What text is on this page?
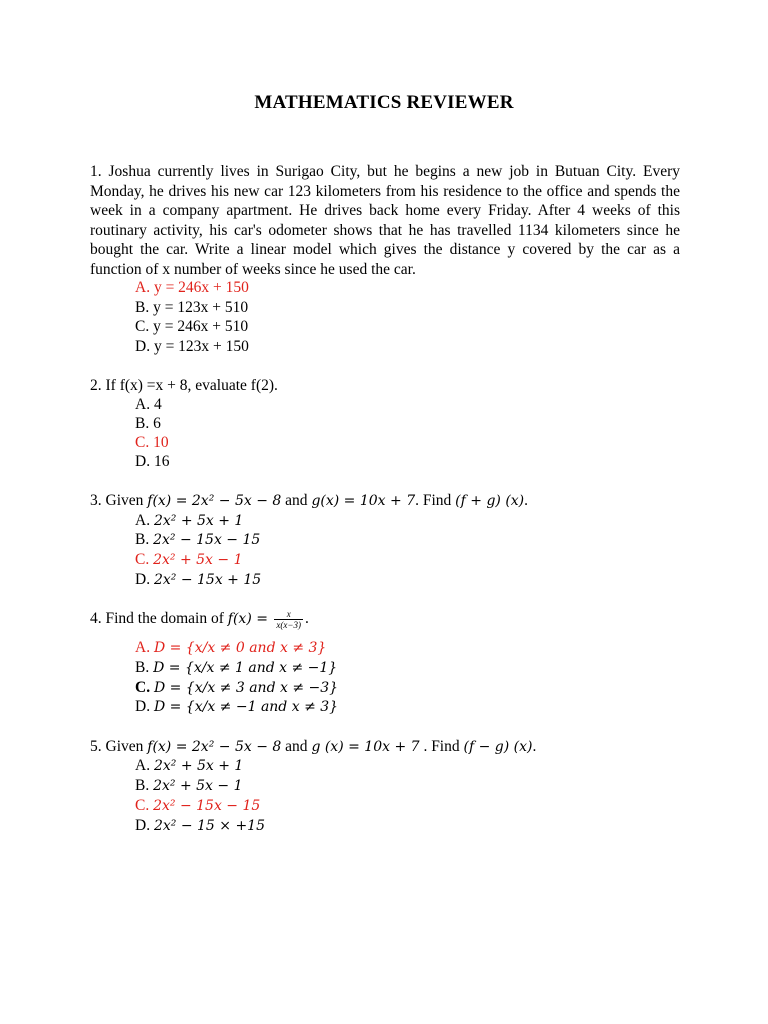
MATHEMATICS REVIEWER
1. Joshua currently lives in Surigao City, but he begins a new job in Butuan City. Every Monday, he drives his new car 123 kilometers from his residence to the office and spends the week in a company apartment. He drives back home every Friday. After 4 weeks of this routinary activity, his car's odometer shows that he has travelled 1134 kilometers since he bought the car. Write a linear model which gives the distance y covered by the car as a function of x number of weeks since he used the car.
A. y = 246x + 150
B. y = 123x + 510
C. y = 246x + 510
D. y = 123x + 150
2. If f(x) =x + 8, evaluate f(2).
A. 4
B. 6
C. 10
D. 16
3. Given f(x) = 2x² − 5x − 8 and g(x) = 10x + 7. Find (f + g) (x).
A. 2x² + 5x + 1
B. 2x² − 15x − 15
C. 2x² + 5x − 1
D. 2x² − 15x + 15
4. Find the domain of $f(x) = \frac{x}{x(x-3)}$ .
A. D = {x/x ≠ 0 and x ≠ 3}
B. D = {x/x ≠ 1 and x ≠ −1}
C. D = {x/x ≠ 3 and x ≠ −3}
D. D = {x/x ≠ −1 and x ≠ 3}
5. Given f(x) = 2x² − 5x − 8 and g (x) = 10x + 7 . Find (f − g) (x).
A. 2x² + 5x + 1
B. 2x² + 5x − 1
C. 2x² − 15x − 15
D. 2x² − 15 × +15
